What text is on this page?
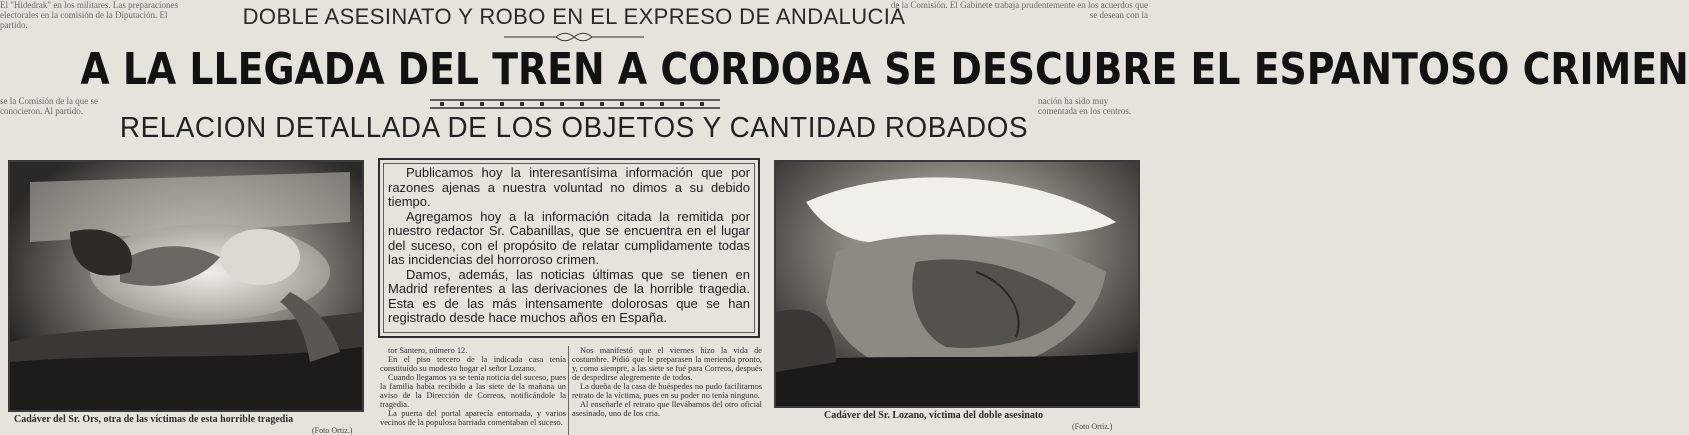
El "Hidedrak" en los militares. Las preparaciones electorales en la comisión de la Diputación. El partido.
de la Comisión. El Gabinete trabaja prudentemente en los acuerdos que se desean con la
se la Comisión de la que se conocieron. Al partido.
nación ha sido muy comentada en los centros.
DOBLE ASESINATO Y ROBO EN EL EXPRESO DE ANDALUCIA
A LA LLEGADA DEL TREN A CORDOBA SE DESCUBRE EL ESPANTOSO CRIMEN
RELACION DETALLADA DE LOS OBJETOS Y CANTIDAD ROBADOS
Cadáver del Sr. Ors, otra de las víctimas de esta horrible tragedia
(Foto Ortiz.)

Publicamos hoy la interesantísima información que por razones ajenas a nuestra voluntad no dimos a su debido tiempo.

Agregamos hoy a la información citada la remitida por nuestro redactor Sr. Cabanillas, que se encuentra en el lugar del suceso, con el propósito de relatar cumplidamente todas las incidencias del horroroso crimen.

Damos, además, las noticias últimas que se tienen en Madrid referentes a las derivaciones de la horrible tragedia. Esta es de las más intensamente dolorosas que se han registrado desde hace muchos años en España.

tor Santero, número 12.

En el piso tercero de la indicada casa tenía constituído su modesto hogar el señor Lozano.

Cuando llegamos ya se tenía noticia del suceso, pues la familia había recibido a las siete de la mañana un aviso de la Dirección de Correos, notificándole la tragedia.

La puerta del portal aparecía entornada, y varios vecinos de la populosa barriada comentaban el suceso.

Nos manifestó que el viernes hizo la vida de costumbre. Pidió que le preparasen la merienda pronto, y, como siempre, a las siete se fué para Correos, después de despedirse alegremente de todos.

La dueña de la casa de huéspedes no pudo facilitarnos retrato de la víctima, pues en su poder no tenía ninguno.

Al enseñarle el retrato que llevábamos del otro oficial asesinado, uno de los cria.	Cadáver del Sr. Lozano, víctima del doble asesinato
(Foto Ortiz.)
